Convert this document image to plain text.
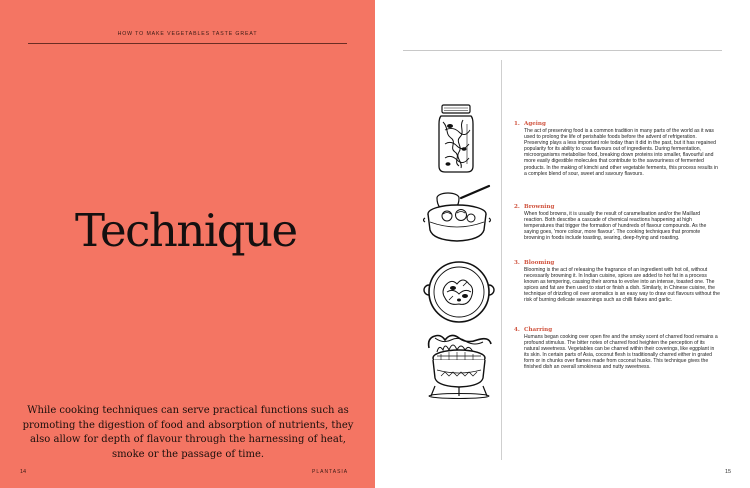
HOW TO MAKE VEGETABLES TASTE GREAT
Technique
While cooking techniques can serve practical functions such as promoting the digestion of food and absorption of nutrients, they also allow for depth of flavour through the harnessing of heat, smoke or the passage of time.
14	PLANTASIA
1. Ageing
The act of preserving food is a common tradition in many parts of the world as it was used to prolong the life of perishable foods before the advent of refrigeration. Preserving plays a less important role today than it did in the past, but it has regained popularity for its ability to coax flavours out of ingredients. During fermentation, microorganisms metabolise food, breaking down proteins into smaller, flavourful and more easily digestible molecules that contribute to the savouriness of fermented products. In the making of kimchi and other vegetable ferments, this process results in a complex blend of sour, sweet and savoury flavours.
2. Browning
When food browns, it is usually the result of caramelisation and/or the Maillard reaction. Both describe a cascade of chemical reactions happening at high temperatures that trigger the formation of hundreds of flavour compounds. As the saying goes, 'more colour, more flavour'. The cooking techniques that promote browning in foods include toasting, searing, deep-frying and roasting.
3. Blooming
Blooming is the act of releasing the fragrance of an ingredient with hot oil, without necessarily browning it. In Indian cuisine, spices are added to hot fat in a process known as tempering, causing their aroma to evolve into an intense, toasted one. The spices and fat are then used to start or finish a dish. Similarly, in Chinese cuisine, the technique of drizzling oil over aromatics is an easy way to draw out flavours without the risk of burning delicate seasonings such as chilli flakes and garlic.
4. Charring
Humans began cooking over open fire and the smoky scent of charred food remains a profound stimulus. The bitter notes of charred food heighten the perception of its natural sweetness. Vegetables can be charred within their coverings, like eggplant in its skin. In certain parts of Asia, coconut flesh is traditionally charred either in grated form or in chunks over flames made from coconut husks. This technique gives the finished dish an overall smokiness and nutty sweetness.
15
